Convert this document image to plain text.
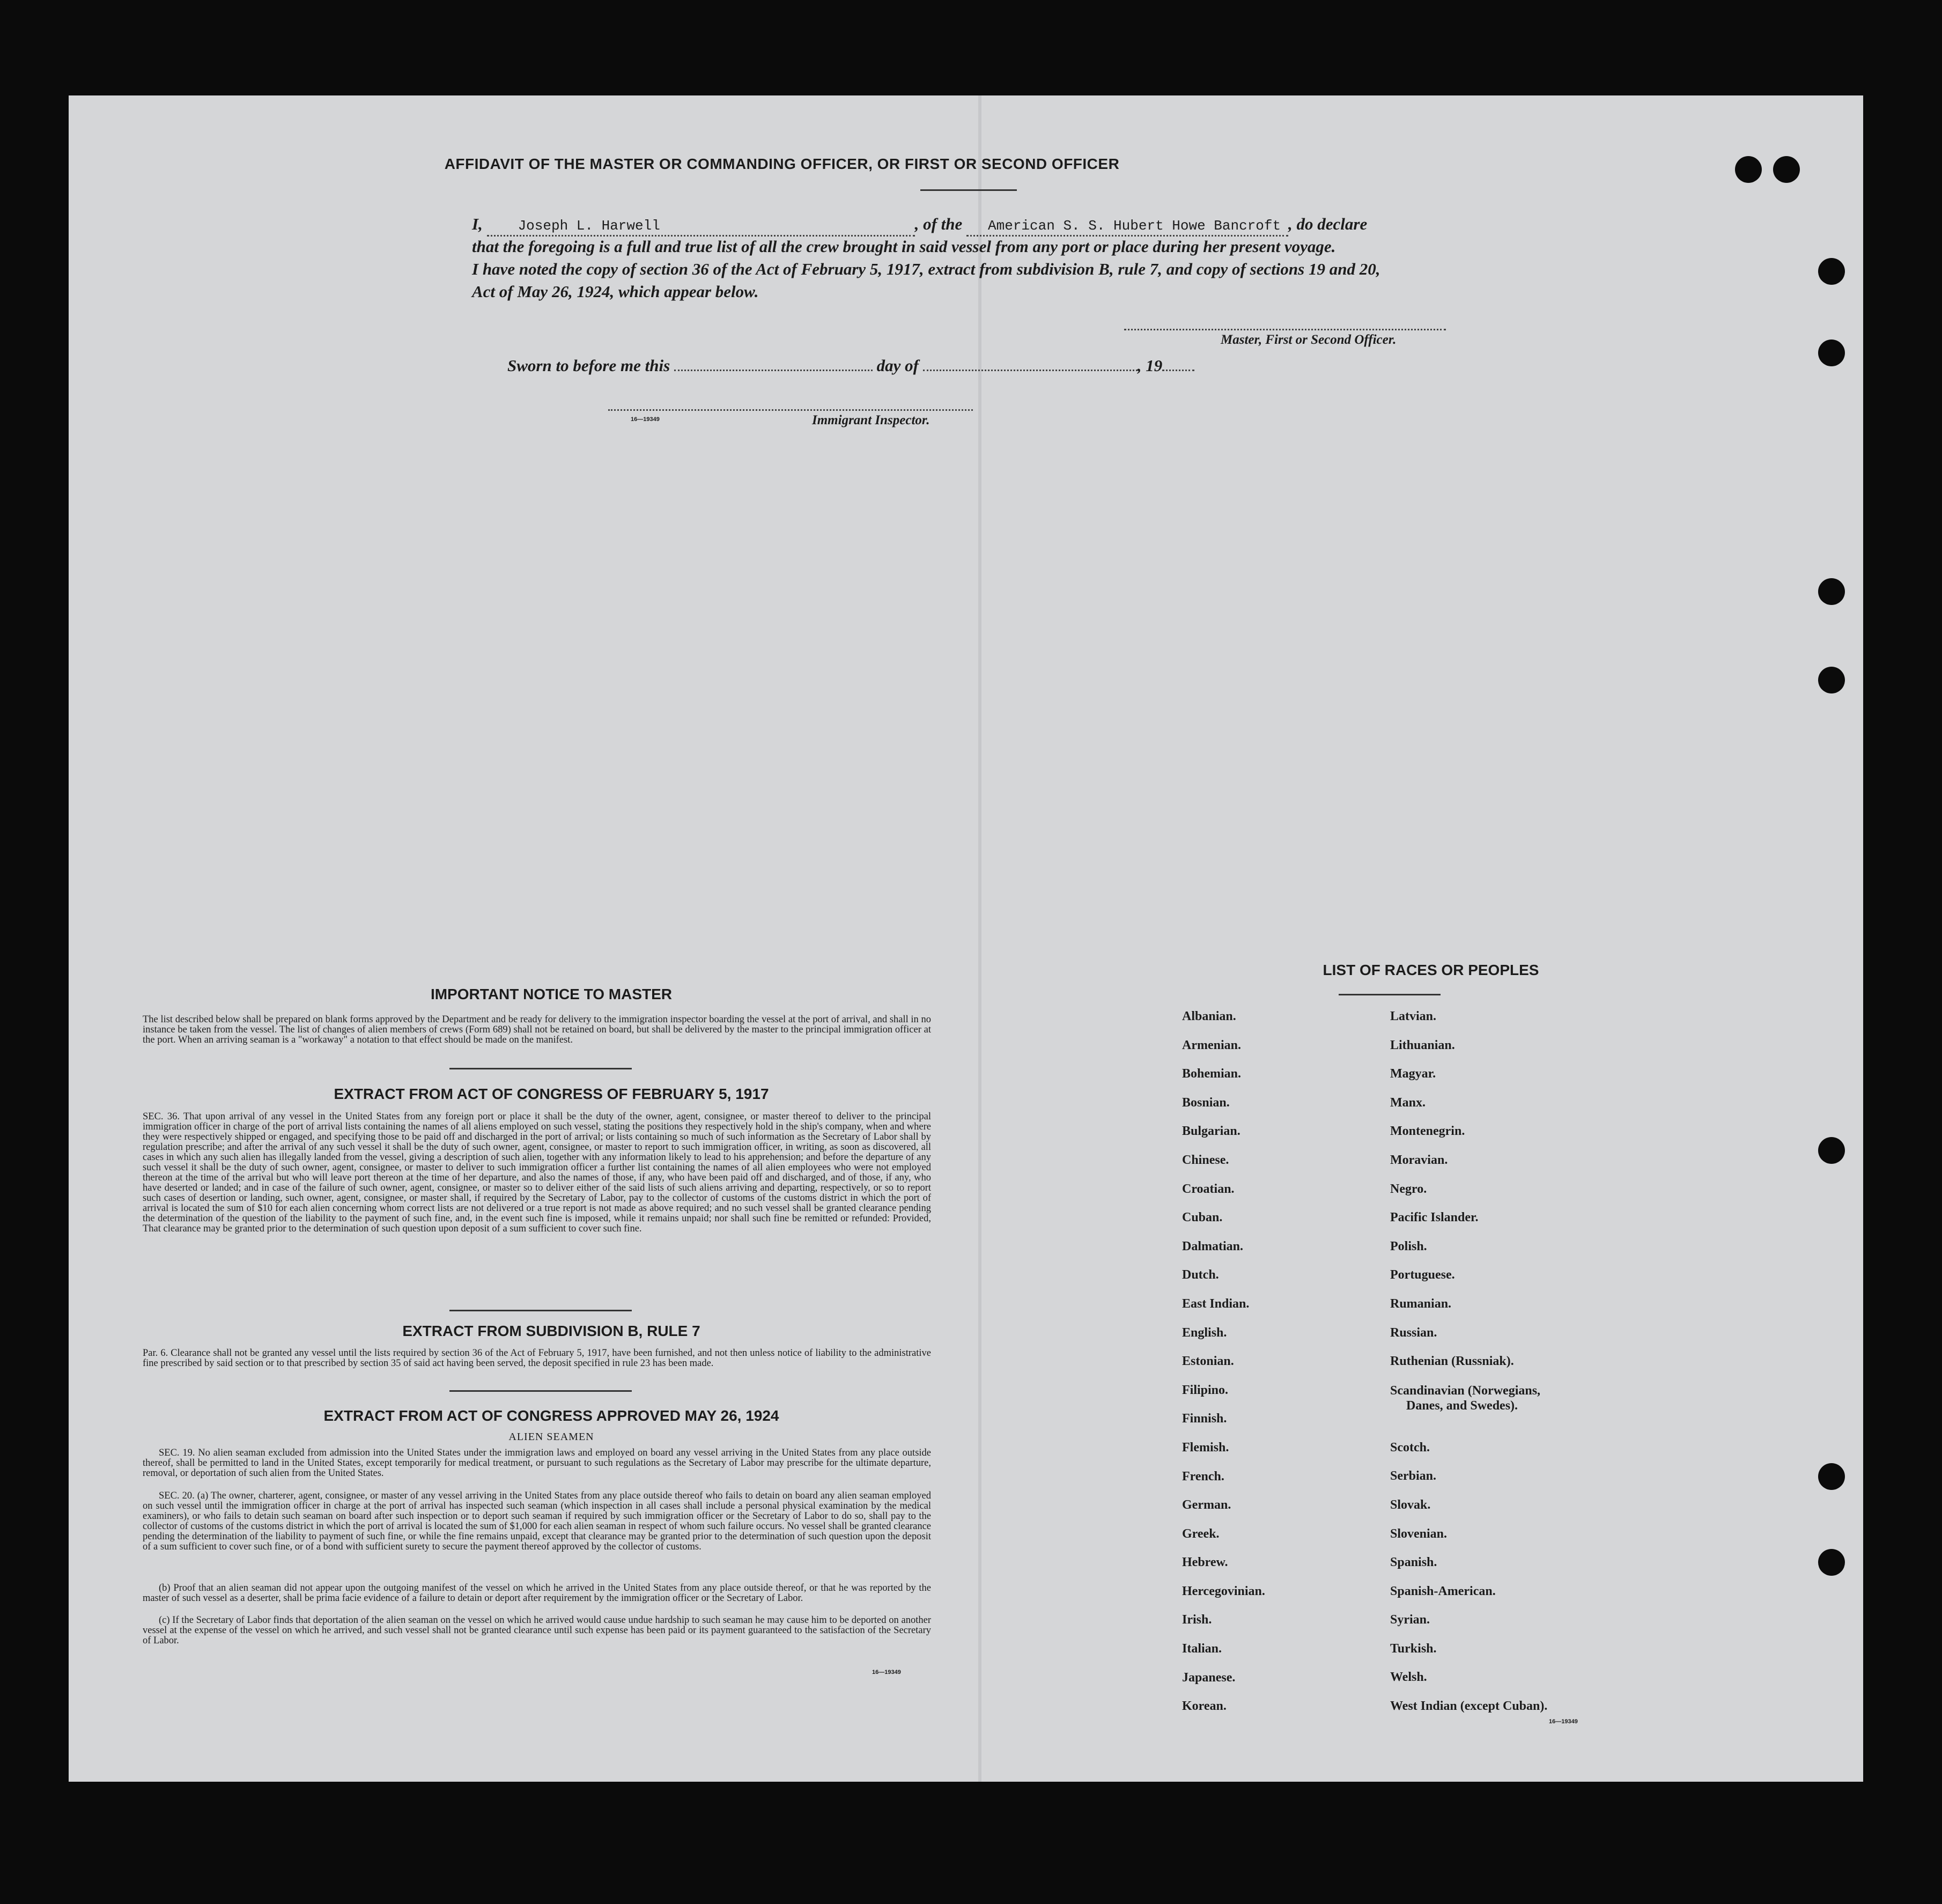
AFFIDAVIT OF THE MASTER OR COMMANDING OFFICER, OR FIRST OR SECOND OFFICER
I,	Joseph L. Harwell	, of the American S. S. Hubert Howe Bancroft , do declare
that the foregoing is a full and true list of all the crew brought in said vessel from any port or place during her present voyage.
I have noted the copy of section 36 of the Act of February 5, 1917, extract from subdivision B, rule 7, and copy of sections 19 and 20,
Act of May 26, 1924, which appear below.
Master, First or Second Officer.
Sworn to before me this	day of	, 19
16—19349	Immigrant Inspector.
IMPORTANT NOTICE TO MASTER
The list described below shall be prepared on blank forms approved by the Department and be ready for delivery to the immigration inspector boarding the vessel at the port of arrival, and shall in no instance be taken from the vessel. The list of changes of alien members of crews (Form 689) shall not be retained on board, but shall be delivered by the master to the principal immigration officer at the port. When an arriving seaman is a "workaway" a notation to that effect should be made on the manifest.
EXTRACT FROM ACT OF CONGRESS OF FEBRUARY 5, 1917
SEC. 36. That upon arrival of any vessel in the United States from any foreign port or place it shall be the duty of the owner, agent, consignee, or master thereof to deliver to the principal immigration officer in charge of the port of arrival lists containing the names of all aliens employed on such vessel, stating the positions they respectively hold in the ship's company, when and where they were respectively shipped or engaged, and specifying those to be paid off and discharged in the port of arrival; or lists containing so much of such information as the Secretary of Labor shall by regulation prescribe; and after the arrival of any such vessel it shall be the duty of such owner, agent, consignee, or master to report to such immigration officer, in writing, as soon as discovered, all cases in which any such alien has illegally landed from the vessel, giving a description of such alien, together with any information likely to lead to his apprehension; and before the departure of any such vessel it shall be the duty of such owner, agent, consignee, or master to deliver to such immigration officer a further list containing the names of all alien employees who were not employed thereon at the time of the arrival but who will leave port thereon at the time of her departure, and also the names of those, if any, who have been paid off and discharged, and of those, if any, who have deserted or landed; and in case of the failure of such owner, agent, consignee, or master so to deliver either of the said lists of such aliens arriving and departing, respectively, or so to report such cases of desertion or landing, such owner, agent, consignee, or master shall, if required by the Secretary of Labor, pay to the collector of customs of the customs district in which the port of arrival is located the sum of $10 for each alien concerning whom correct lists are not delivered or a true report is not made as above required; and no such vessel shall be granted clearance pending the determination of the question of the liability to the payment of such fine, and, in the event such fine is imposed, while it remains unpaid; nor shall such fine be remitted or refunded: Provided, That clearance may be granted prior to the determination of such question upon deposit of a sum sufficient to cover such fine.
EXTRACT FROM SUBDIVISION B, RULE 7
Par. 6. Clearance shall not be granted any vessel until the lists required by section 36 of the Act of February 5, 1917, have been furnished, and not then unless notice of liability to the administrative fine prescribed by said section or to that prescribed by section 35 of said act having been served, the deposit specified in rule 23 has been made.
EXTRACT FROM ACT OF CONGRESS APPROVED MAY 26, 1924
ALIEN SEAMEN
SEC. 19. No alien seaman excluded from admission into the United States under the immigration laws and employed on board any vessel arriving in the United States from any place outside thereof, shall be permitted to land in the United States, except temporarily for medical treatment, or pursuant to such regulations as the Secretary of Labor may prescribe for the ultimate departure, removal, or deportation of such alien from the United States.
SEC. 20. (a) The owner, charterer, agent, consignee, or master of any vessel arriving in the United States from any place outside thereof who fails to detain on board any alien seaman employed on such vessel until the immigration officer in charge at the port of arrival has inspected such seaman (which inspection in all cases shall include a personal physical examination by the medical examiners), or who fails to detain such seaman on board after such inspection or to deport such seaman if required by such immigration officer or the Secretary of Labor to do so, shall pay to the collector of customs of the customs district in which the port of arrival is located the sum of $1,000 for each alien seaman in respect of whom such failure occurs. No vessel shall be granted clearance pending the determination of the liability to payment of such fine, or while the fine remains unpaid, except that clearance may be granted prior to the determination of such question upon the deposit of a sum sufficient to cover such fine, or of a bond with sufficient surety to secure the payment thereof approved by the collector of customs.
(b) Proof that an alien seaman did not appear upon the outgoing manifest of the vessel on which he arrived in the United States from any place outside thereof, or that he was reported by the master of such vessel as a deserter, shall be prima facie evidence of a failure to detain or deport after requirement by the immigration officer or the Secretary of Labor.
(c) If the Secretary of Labor finds that deportation of the alien seaman on the vessel on which he arrived would cause undue hardship to such seaman he may cause him to be deported on another vessel at the expense of the vessel on which he arrived, and such vessel shall not be granted clearance until such expense has been paid or its payment guaranteed to the satisfaction of the Secretary of Labor.
16—19349
LIST OF RACES OR PEOPLES
Albanian.
Armenian.
Bohemian.
Bosnian.
Bulgarian.
Chinese.
Croatian.
Cuban.
Dalmatian.
Dutch.
East Indian.
English.
Estonian.
Filipino.
Finnish.
Flemish.
French.
German.
Greek.
Hebrew.
Hercegovinian.
Irish.
Italian.
Japanese.
Korean.
Latvian.
Lithuanian.
Magyar.
Manx.
Montenegrin.
Moravian.
Negro.
Pacific Islander.
Polish.
Portuguese.
Rumanian.
Russian.
Ruthenian (Russniak).
Scandinavian (Norwegians,
Danes, and Swedes).
Scotch.
Serbian.
Slovak.
Slovenian.
Spanish.
Spanish-American.
Syrian.
Turkish.
Welsh.
West Indian (except Cuban).
16—19349
